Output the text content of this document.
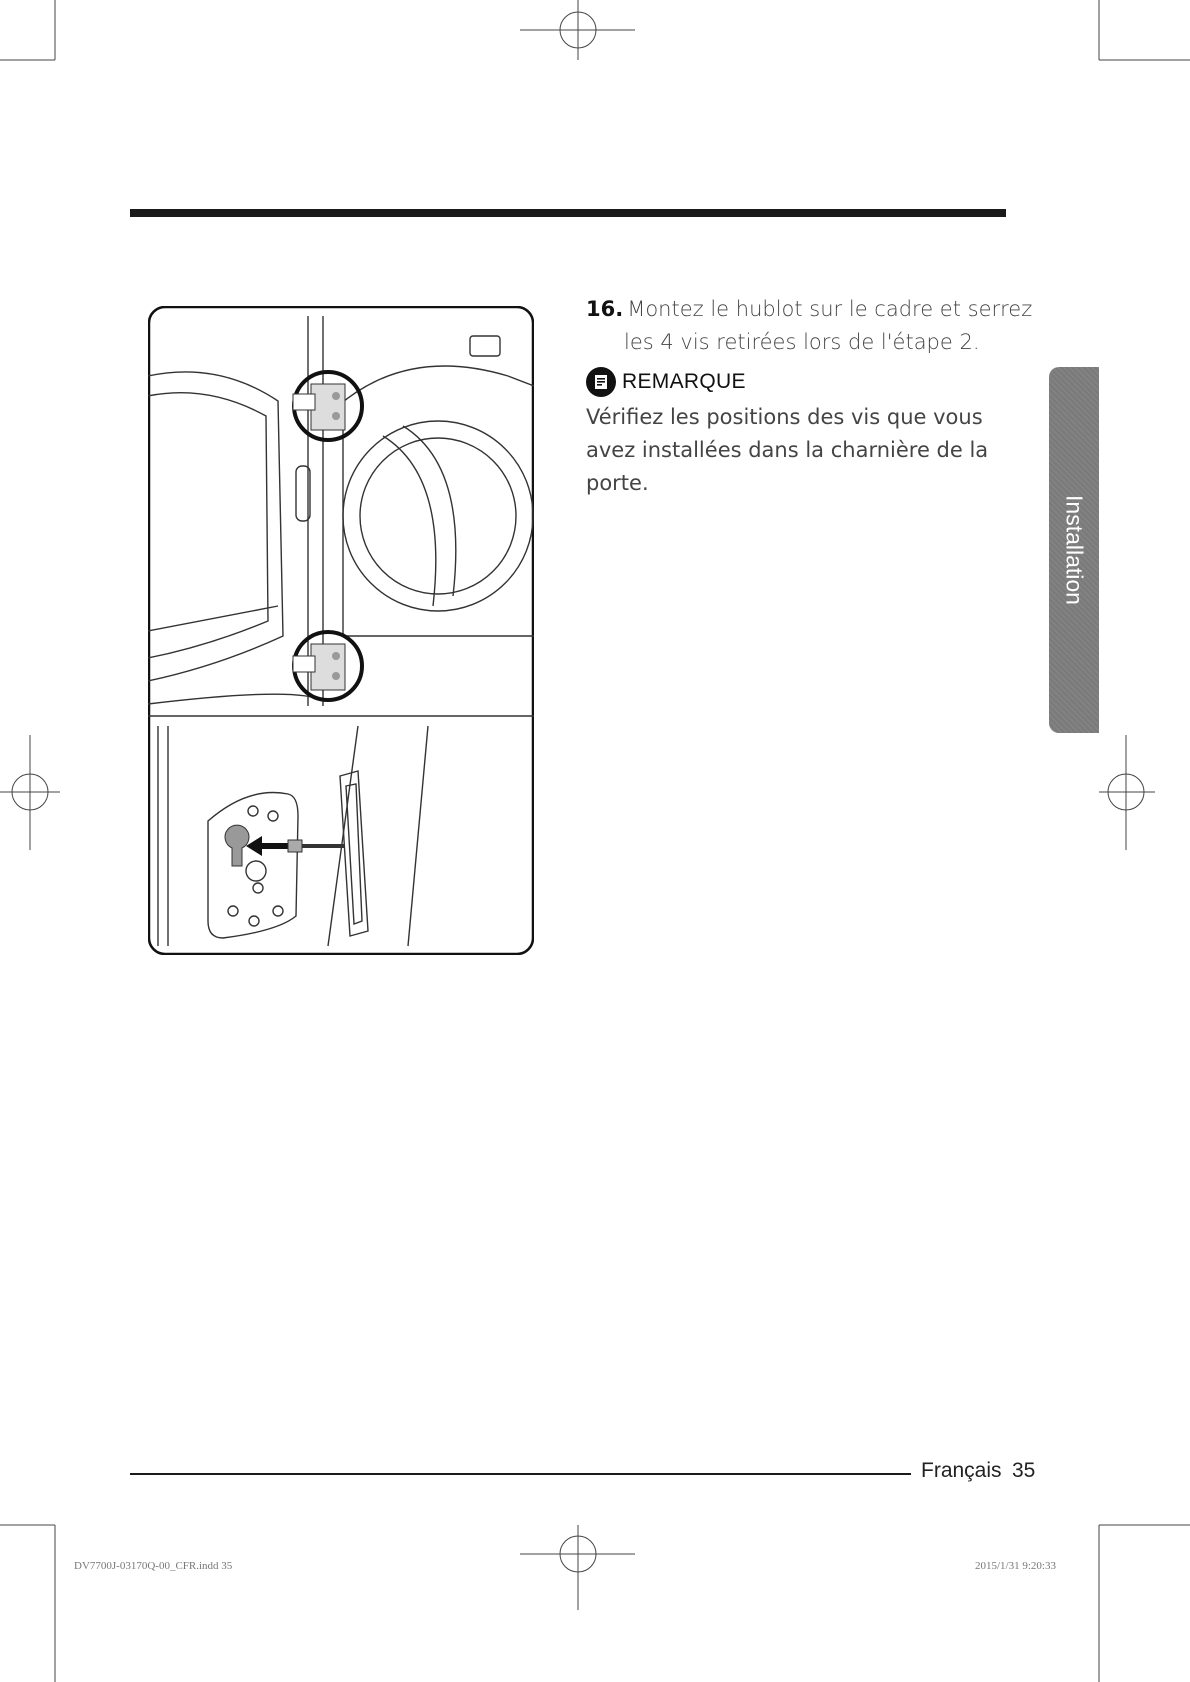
16. Montez le hublot sur le cadre et serrez les 4 vis retirées lors de l'étape 2.
REMARQUE
Vérifiez les positions des vis que vous avez installées dans la charnière de la porte.
Installation
Français 35
DV7700J-03170Q-00_CFR.indd 35	2015/1/31 9:20:33
